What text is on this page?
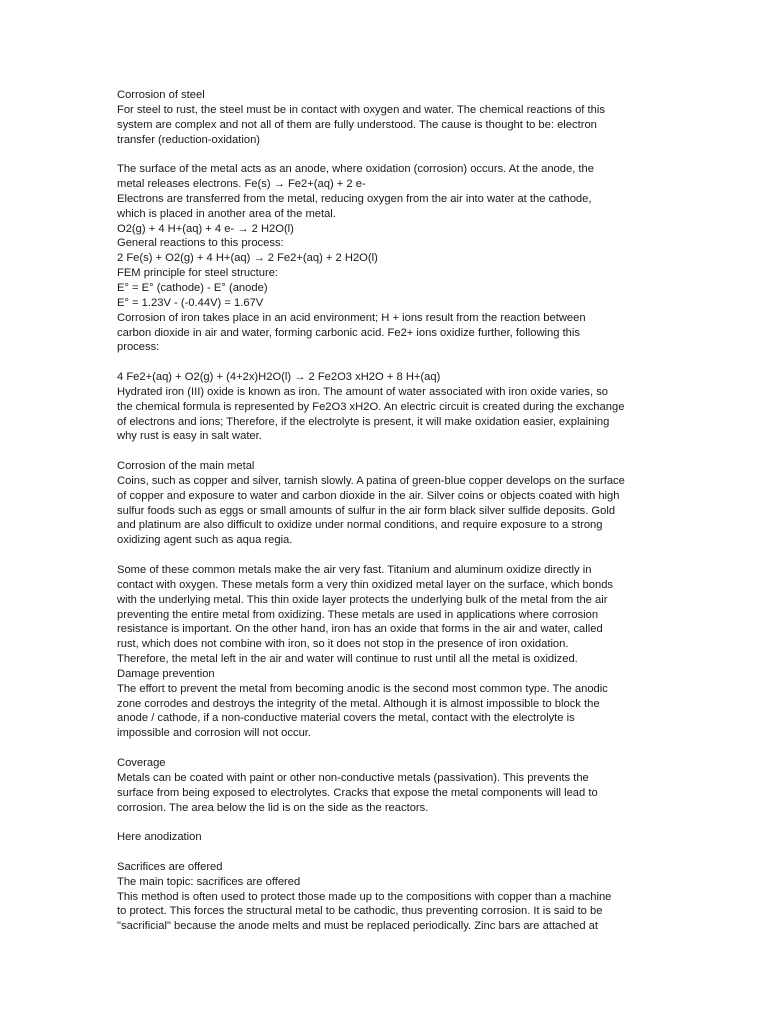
Corrosion of steel
For steel to rust, the steel must be in contact with oxygen and water. The chemical reactions of this
system are complex and not all of them are fully understood. The cause is thought to be: electron
transfer (reduction-oxidation)
The surface of the metal acts as an anode, where oxidation (corrosion) occurs. At the anode, the
metal releases electrons. Fe(s) → Fe2+(aq) + 2 e-
Electrons are transferred from the metal, reducing oxygen from the air into water at the cathode,
which is placed in another area of the metal.
O2(g) + 4 H+(aq) + 4 e- → 2 H2O(l)
General reactions to this process:
2 Fe(s) + O2(g) + 4 H+(aq) → 2 Fe2+(aq) + 2 H2O(l)
FEM principle for steel structure:
E° = E° (cathode) - E° (anode)
E° = 1.23V - (-0.44V) = 1.67V
Corrosion of iron takes place in an acid environment; H + ions result from the reaction between
carbon dioxide in air and water, forming carbonic acid. Fe2+ ions oxidize further, following this
process:
4 Fe2+(aq) + O2(g) + (4+2x)H2O(l) → 2 Fe2O3 xH2O + 8 H+(aq)
Hydrated iron (III) oxide is known as iron. The amount of water associated with iron oxide varies, so
the chemical formula is represented by Fe2O3 xH2O. An electric circuit is created during the exchange
of electrons and ions; Therefore, if the electrolyte is present, it will make oxidation easier, explaining
why rust is easy in salt water.
Corrosion of the main metal
Coins, such as copper and silver, tarnish slowly. A patina of green-blue copper develops on the surface
of copper and exposure to water and carbon dioxide in the air. Silver coins or objects coated with high
sulfur foods such as eggs or small amounts of sulfur in the air form black silver sulfide deposits. Gold
and platinum are also difficult to oxidize under normal conditions, and require exposure to a strong
oxidizing agent such as aqua regia.
Some of these common metals make the air very fast. Titanium and aluminum oxidize directly in
contact with oxygen. These metals form a very thin oxidized metal layer on the surface, which bonds
with the underlying metal. This thin oxide layer protects the underlying bulk of the metal from the air
preventing the entire metal from oxidizing. These metals are used in applications where corrosion
resistance is important. On the other hand, iron has an oxide that forms in the air and water, called
rust, which does not combine with iron, so it does not stop in the presence of iron oxidation.
Therefore, the metal left in the air and water will continue to rust until all the metal is oxidized.
Damage prevention
The effort to prevent the metal from becoming anodic is the second most common type. The anodic
zone corrodes and destroys the integrity of the metal. Although it is almost impossible to block the
anode / cathode, if a non-conductive material covers the metal, contact with the electrolyte is
impossible and corrosion will not occur.
Coverage
Metals can be coated with paint or other non-conductive metals (passivation). This prevents the
surface from being exposed to electrolytes. Cracks that expose the metal components will lead to
corrosion. The area below the lid is on the side as the reactors.
Here anodization
Sacrifices are offered
The main topic: sacrifices are offered
This method is often used to protect those made up to the compositions with copper than a machine
to protect. This forces the structural metal to be cathodic, thus preventing corrosion. It is said to be
"sacrificial" because the anode melts and must be replaced periodically. Zinc bars are attached at
